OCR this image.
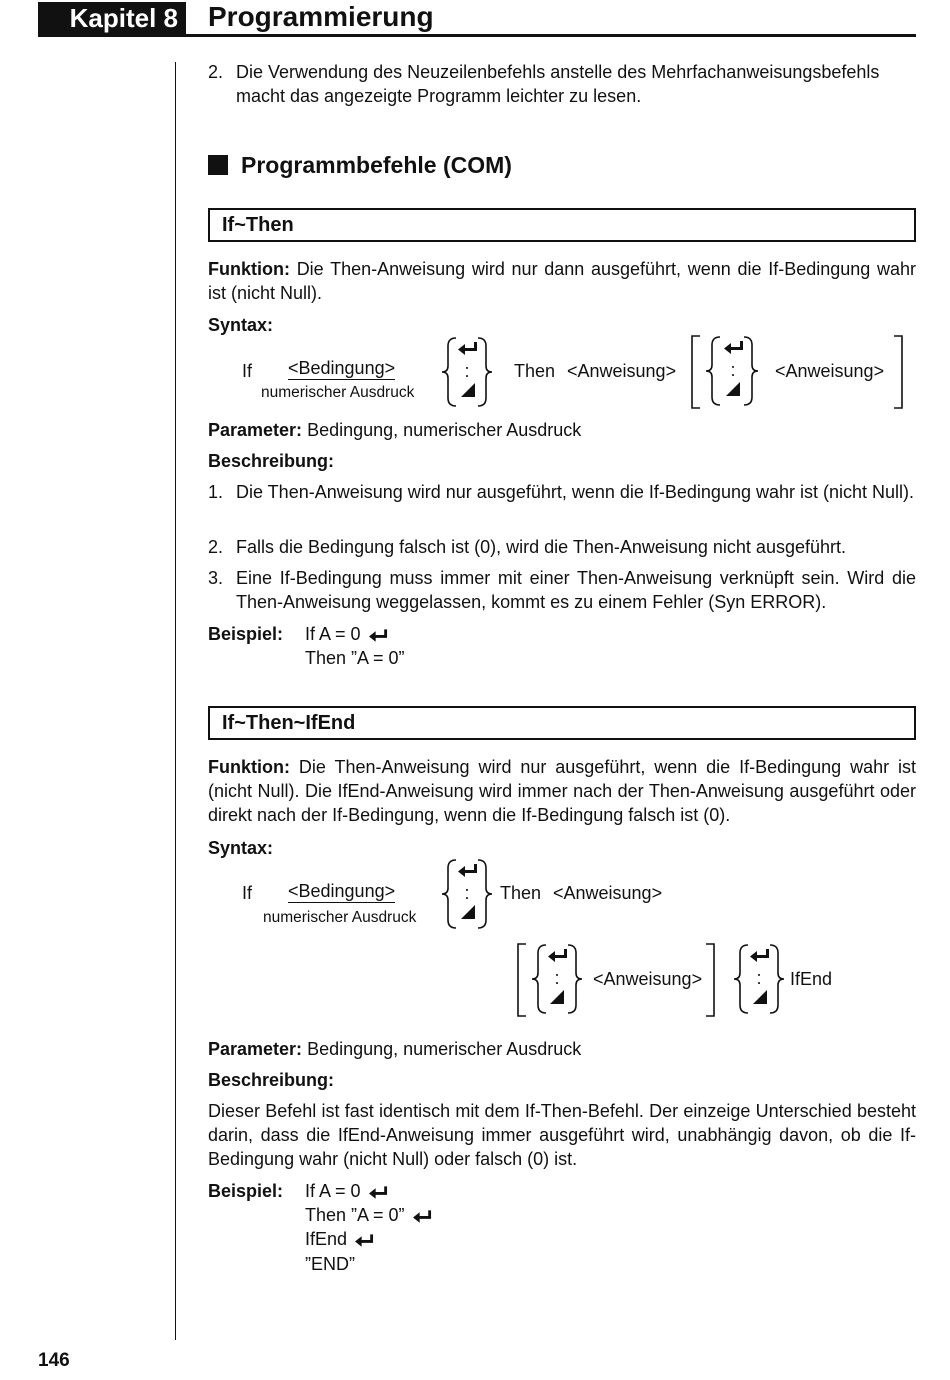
Kapitel 8 Programmierung
2. Die Verwendung des Neuzeilenbefehls anstelle des Mehrfachanweisungsbefehls macht das angezeigte Programm leichter zu lesen.
Programmbefehle (COM)
If~Then
Funktion: Die Then-Anweisung wird nur dann ausgeführt, wenn die If-Bedingung wahr ist (nicht Null).
Syntax:
If <Bedingung>
numerischer Ausdruck
: Then <Anweisung>	: <Anweisung>
Parameter: Bedingung, numerischer Ausdruck
Beschreibung:
1. Die Then-Anweisung wird nur ausgeführt, wenn die If-Bedingung wahr ist (nicht Null).
2. Falls die Bedingung falsch ist (0), wird die Then-Anweisung nicht ausgeführt.
3. Eine If-Bedingung muss immer mit einer Then-Anweisung verknüpft sein. Wird die Then-Anweisung weggelassen, kommt es zu einem Fehler (Syn ERROR).
Beispiel: If A = 0
Then ”A = 0”
If~Then~IfEnd
Funktion: Die Then-Anweisung wird nur ausgeführt, wenn die If-Bedingung wahr ist (nicht Null). Die IfEnd-Anweisung wird immer nach der Then-Anweisung ausgeführt oder direkt nach der If-Bedingung, wenn die If-Bedingung falsch ist (0).
Syntax:
If <Bedingung>
numerischer Ausdruck
: Then <Anweisung>
: <Anweisung>	: IfEnd
Parameter: Bedingung, numerischer Ausdruck
Beschreibung:
Dieser Befehl ist fast identisch mit dem If-Then-Befehl. Der einzeige Unterschied besteht darin, dass die IfEnd-Anweisung immer ausgeführt wird, unabhängig davon, ob die If-Bedingung wahr (nicht Null) oder falsch (0) ist.
Beispiel: If A = 0
Then ”A = 0”
IfEnd
”END”
146
